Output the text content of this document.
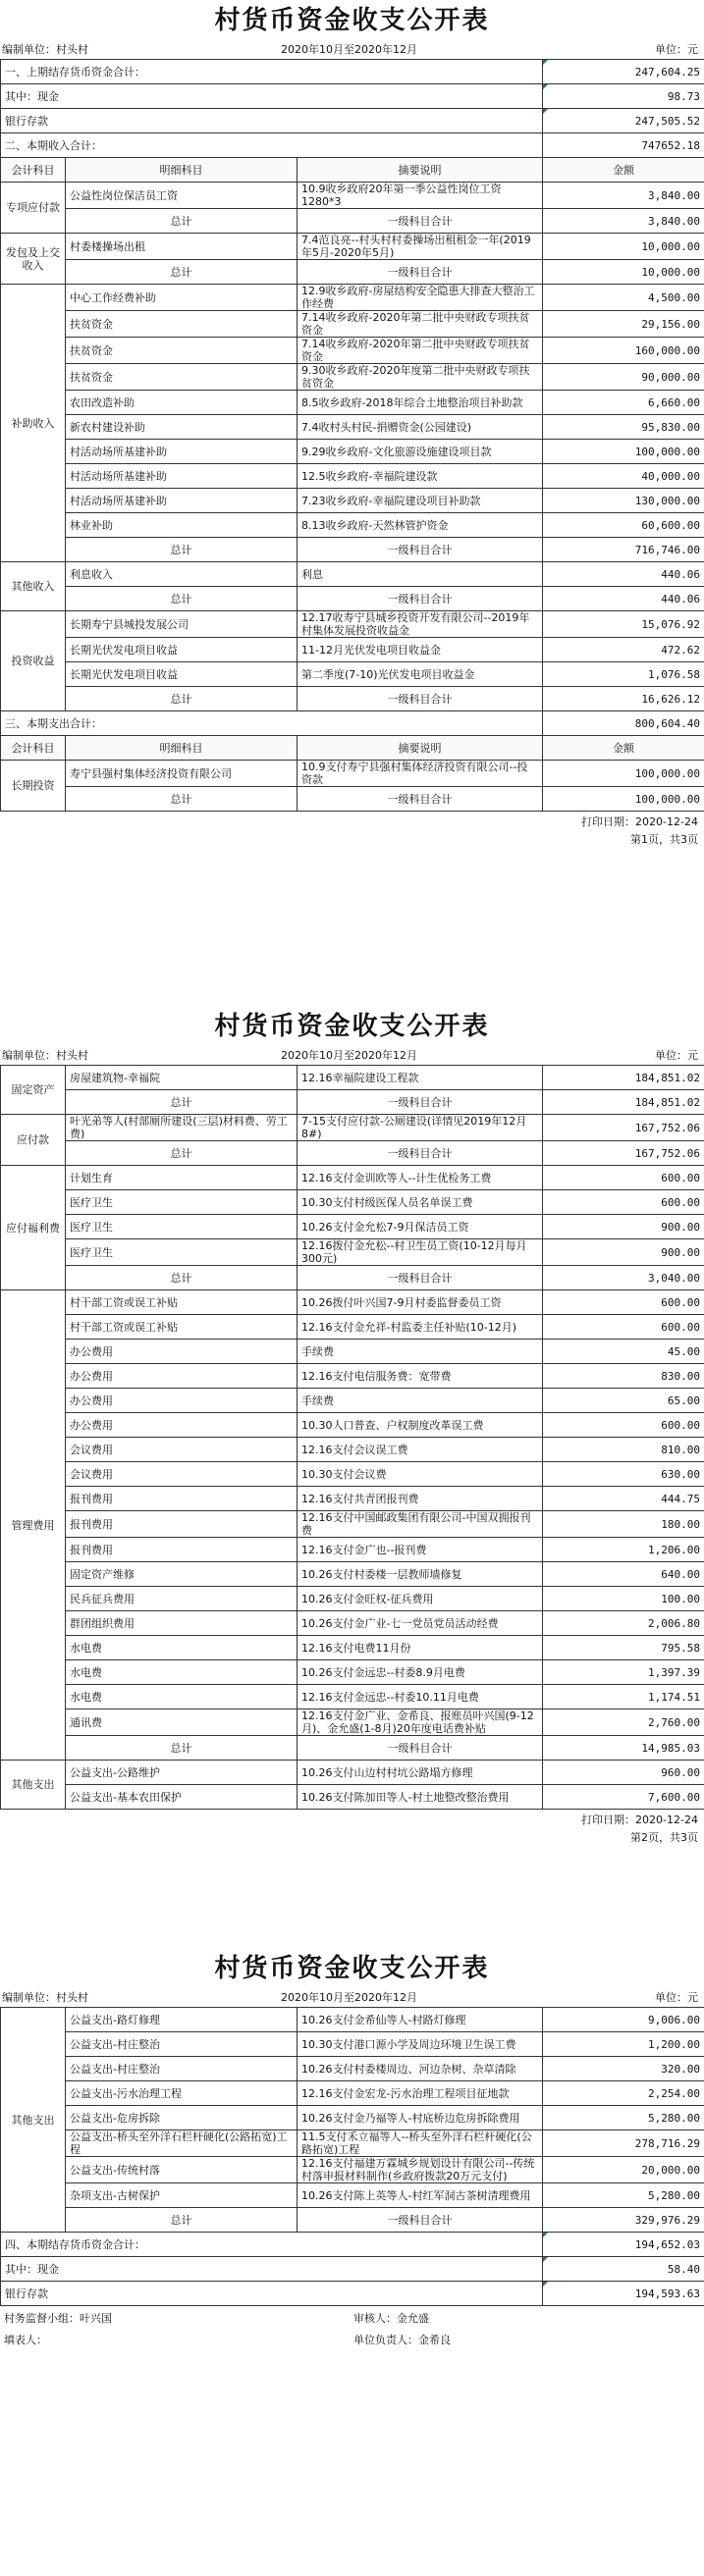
村货币资金收支公开表
编制单位：村头村	2020年10月至2020年12月	单位：元
一、上期结存货币资金合计：			247,604.25
其中：现金			98.73
银行存款			247,505.52
二、本期收入合计：			747652.18
会计科目	明细科目	摘要说明	金额
专项应付款	公益性岗位保洁员工资	10.9收乡政府20年第一季公益性岗位工资1280*3	3,840.00
	总计	一级科目合计	3,840.00
发包及上交收入	村委楼操场出租	7.4范良亮--村头村村委操场出租租金一年(2019年5月-2020年5月)	10,000.00
	总计	一级科目合计	10,000.00
补助收入	中心工作经费补助	12.9收乡政府-房屋结构安全隐患大排查大整治工作经费	4,500.00
	扶贫资金	7.14收乡政府-2020年第二批中央财政专项扶贫资金	29,156.00
	扶贫资金	7.14收乡政府-2020年第二批中央财政专项扶贫资金	160,000.00
	扶贫资金	9.30收乡政府-2020年度第二批中央财政专项扶贫资金	90,000.00
	农田改造补助	8.5收乡政府-2018年综合土地整治项目补助款	6,660.00
	新农村建设补助	7.4收村头村民-捐赠资金(公园建设)	95,830.00
	村活动场所基建补助	9.29收乡政府-文化旅游设施建设项目款	100,000.00
	村活动场所基建补助	12.5收乡政府-幸福院建设款	40,000.00
	村活动场所基建补助	7.23收乡政府-幸福院建设项目补助款	130,000.00
	林业补助	8.13收乡政府-天然林管护资金	60,600.00
	总计	一级科目合计	716,746.00
其他收入	利息收入	利息	440.06
	总计	一级科目合计	440.06
投资收益	长期寿宁县城投发展公司	12.17收寿宁县城乡投资开发有限公司--2019年村集体发展投资收益金	15,076.92
	长期光伏发电项目收益	11-12月光伏发电项目收益金	472.62
	长期光伏发电项目收益	第二季度(7-10)光伏发电项目收益金	1,076.58
	总计	一级科目合计	16,626.12
三、本期支出合计：			800,604.40
会计科目	明细科目	摘要说明	金额
长期投资	寿宁县强村集体经济投资有限公司	10.9支付寿宁县强村集体经济投资有限公司--投资款	100,000.00
	总计	一级科目合计	100,000.00
打印日期：2020-12-24
第1页，共3页
村货币资金收支公开表
编制单位：村头村	2020年10月至2020年12月	单位：元
固定资产	房屋建筑物-幸福院	12.16幸福院建设工程款	184,851.02
	总计	一级科目合计	184,851.02
应付款	叶光弟等人(村部厕所建设(三层)材料费、劳工费)	7-15支付应付款-公厕建设(详情见2019年12月8#)	167,752.06
	总计	一级科目合计	167,752.06
应付福利费	计划生育	12.16支付金训欧等人--计生优检务工费	600.00
	医疗卫生	10.30支付村级医保人员名单误工费	600.00
	医疗卫生	10.26支付金允松7-9月保洁员工资	900.00
	医疗卫生	12.16拨付金允松--村卫生员工资(10-12月每月300元)	900.00
	总计	一级科目合计	3,040.00
管理费用	村干部工资或误工补贴	10.26拨付叶兴国7-9月村委监督委员工资	600.00
	村干部工资或误工补贴	12.16支付金允祥-村监委主任补贴(10-12月)	600.00
	办公费用	手续费	45.00
	办公费用	12.16支付电信服务费：宽带费	830.00
	办公费用	手续费	65.00
	办公费用	10.30人口普查、户权制度改革误工费	600.00
	会议费用	12.16支付会议误工费	810.00
	会议费用	10.30支付会议费	630.00
	报刊费用	12.16支付共青团报刊费	444.75
	报刊费用	12.16支付中国邮政集团有限公司-中国双拥报刊费	180.00
	报刊费用	12.16支付金广也--报刊费	1,206.00
	固定资产维修	10.26支付村委楼一层教师墙修复	640.00
	民兵征兵费用	10.26支付金旺权-征兵费用	100.00
	群团组织费用	10.26支付金广业-七一党员党员活动经费	2,006.80
	水电费	12.16支付电费11月份	795.58
	水电费	10.26支付金远忠--村委8.9月电费	1,397.39
	水电费	12.16支付金远忠--村委10.11月电费	1,174.51
	通讯费	12.16支付金广业、金希良、报账员叶兴国(9-12月)、金允盛(1-8月)20年度电话费补贴	2,760.00
	总计	一级科目合计	14,985.03
其他支出	公益支出-公路维护	10.26支付山边村村坑公路塌方修理	960.00
	公益支出-基本农田保护	10.26支付陈加田等人-村土地整改整治费用	7,600.00
打印日期：2020-12-24
第2页，共3页
村货币资金收支公开表
编制单位：村头村	2020年10月至2020年12月	单位：元
其他支出	公益支出-路灯修理	10.26支付金希仙等人-村路灯修理	9,006.00
	公益支出-村庄整治	10.30支付港口源小学及周边环境卫生误工费	1,200.00
	公益支出-村庄整治	10.26支付村委楼周边、河边杂树、杂草清除	320.00
	公益支出-污水治理工程	12.16支付金宏龙-污水治理工程项目征地款	2,254.00
	公益支出-危房拆除	10.26支付金乃福等人-村底桥边危房拆除费用	5,280.00
	公益支出-桥头至外洋石栏杆硬化(公路拓宽)工程	11.5支付禾立福等人--桥头至外洋石栏杆硬化(公路拓宽)工程	278,716.29
	公益支出-传统村落	12.16支付福建万霖城乡规划设计有限公司--传统村落申报材料制作(乡政府拨款20万元支付)	20,000.00
	杂项支出-古树保护	10.26支付陈上英等人-村红军洞古茶树清理费用	5,280.00
	总计	一级科目合计	329,976.29
四、本期结存货币资金合计：			194,652.03
其中：现金			58.40
银行存款			194,593.63
村务监督小组：叶兴国	审核人：金允盛
填表人：	单位负责人：金希良
